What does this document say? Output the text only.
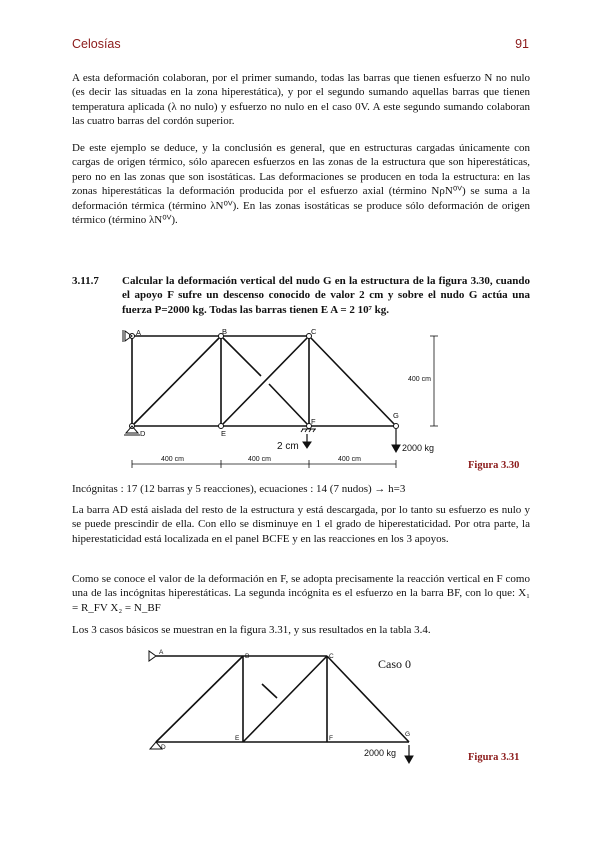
Celosías	91

A esta deformación colaboran, por el primer sumando, todas las barras que tienen esfuerzo N no nulo (es decir las situadas en la zona hiperestática), y por el segundo sumando aquellas barras que tienen temperatura aplicada (λ no nulo) y esfuerzo no nulo en el caso 0V. A este segundo sumando colaboran las cuatro barras del cordón superior.

De este ejemplo se deduce, y la conclusión es general, que en estructuras cargadas únicamente con cargas de origen térmico, sólo aparecen esfuerzos en las zonas de la estructura que son hiperestáticas, pero no en las zonas que son isostáticas. Las deformaciones se producen en toda la estructura: en las zonas hiperestáticas la deformación producida por el esfuerzo axial (término NρN⁰ⱽ) se suma a la deformación térmica (término λN⁰ⱽ). En las zonas isostáticas se produce sólo deformación de origen térmico (término λN⁰ⱽ).

3.11.7 Calcular la deformación vertical del nudo G en la estructura de la figura 3.30, cuando el apoyo F sufre un descenso conocido de valor 2 cm y sobre el nudo G actúa una fuerza P=2000 kg. Todas las barras tienen E A = 2 10⁷ kg.
A	B	C
D	E
F
G
400 cm
400 cm	400 cm	400 cm
2 cm	2000 kg
Figura 3.30

Incógnitas : 17 (12 barras y 5 reacciones), ecuaciones : 14 (7 nudos) → h=3

La barra AD está aislada del resto de la estructura y está descargada, por lo tanto su esfuerzo es nulo y se puede prescindir de ella. Con ello se disminuye en 1 el grado de hiperestaticidad. Por otra parte, la hiperestaticidad está localizada en el panel BCFE y en las reacciones en los 3 apoyos.

Como se conoce el valor de la deformación en F, se adopta precisamente la reacción vertical en F como una de las incógnitas hiperestáticas. La segunda incógnita es el esfuerzo en la barra BF, con lo que: X₁ = R_FV X₂ = N_BF

Los 3 casos básicos se muestran en la figura 3.31, y sus resultados en la tabla 3.4.

A
B	C
D
E	F
G
Caso 0
2000 kg	Figura 3.31
